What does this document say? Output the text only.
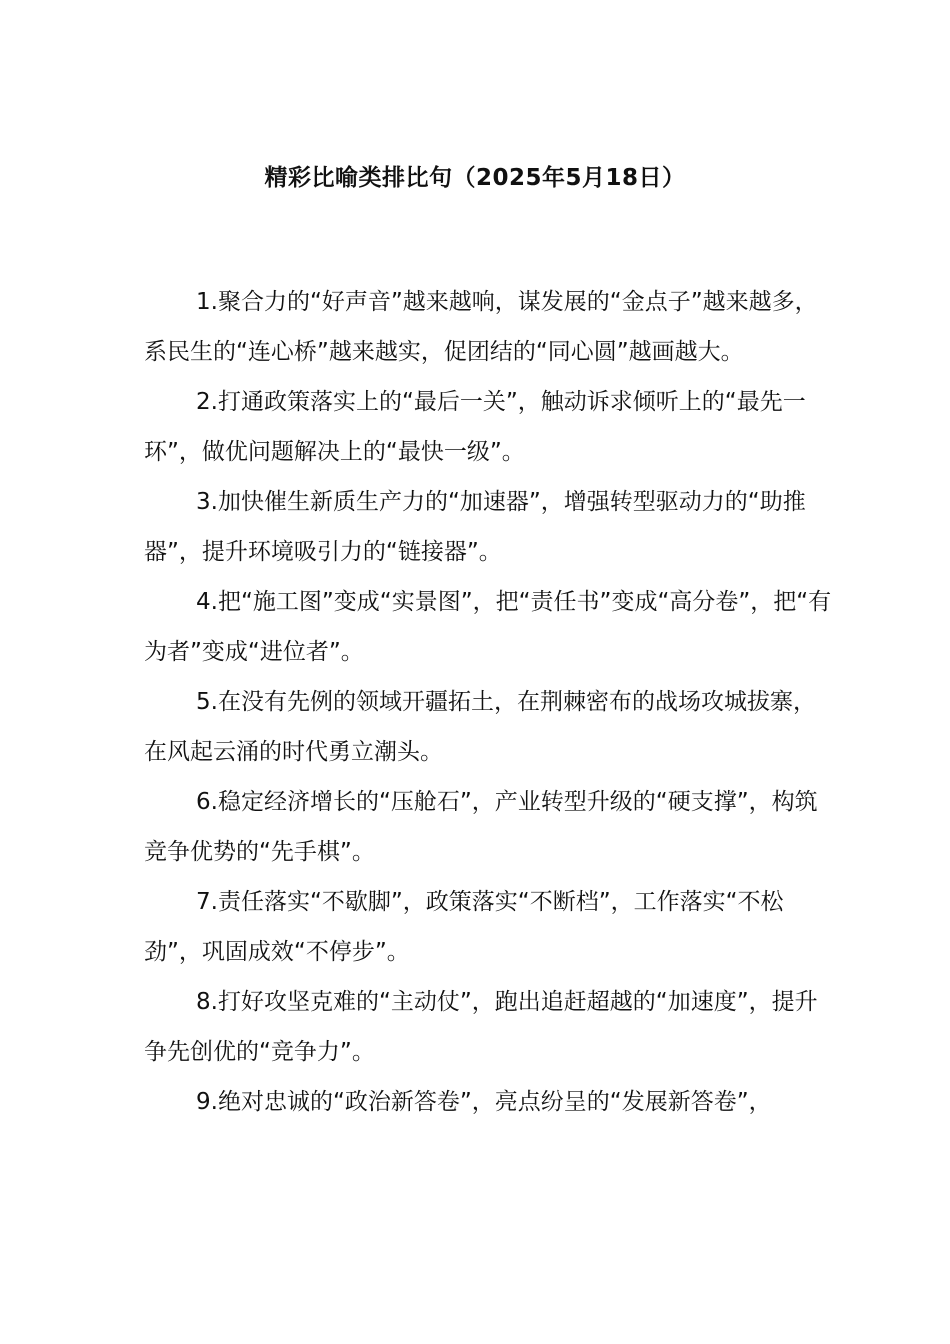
精彩比喻类排比句（2025年5月18日）

1.聚合力的“好声音”越来越响，谋发展的“金点子”越来越多，系民生的“连心桥”越来越实，促团结的“同心圆”越画越大。

2.打通政策落实上的“最后一关”，触动诉求倾听上的“最先一环”，做优问题解决上的“最快一级”。

3.加快催生新质生产力的“加速器”，增强转型驱动力的“助推器”，提升环境吸引力的“链接器”。

4.把“施工图”变成“实景图”，把“责任书”变成“高分卷”，把“有为者”变成“进位者”。

5.在没有先例的领域开疆拓土，在荆棘密布的战场攻城拔寨，在风起云涌的时代勇立潮头。

6.稳定经济增长的“压舱石”，产业转型升级的“硬支撑”，构筑竞争优势的“先手棋”。

7.责任落实“不歇脚”，政策落实“不断档”，工作落实“不松劲”，巩固成效“不停步”。

8.打好攻坚克难的“主动仗”，跑出追赶超越的“加速度”，提升争先创优的“竞争力”。

9.绝对忠诚的“政治新答卷”，亮点纷呈的“发展新答卷”，
